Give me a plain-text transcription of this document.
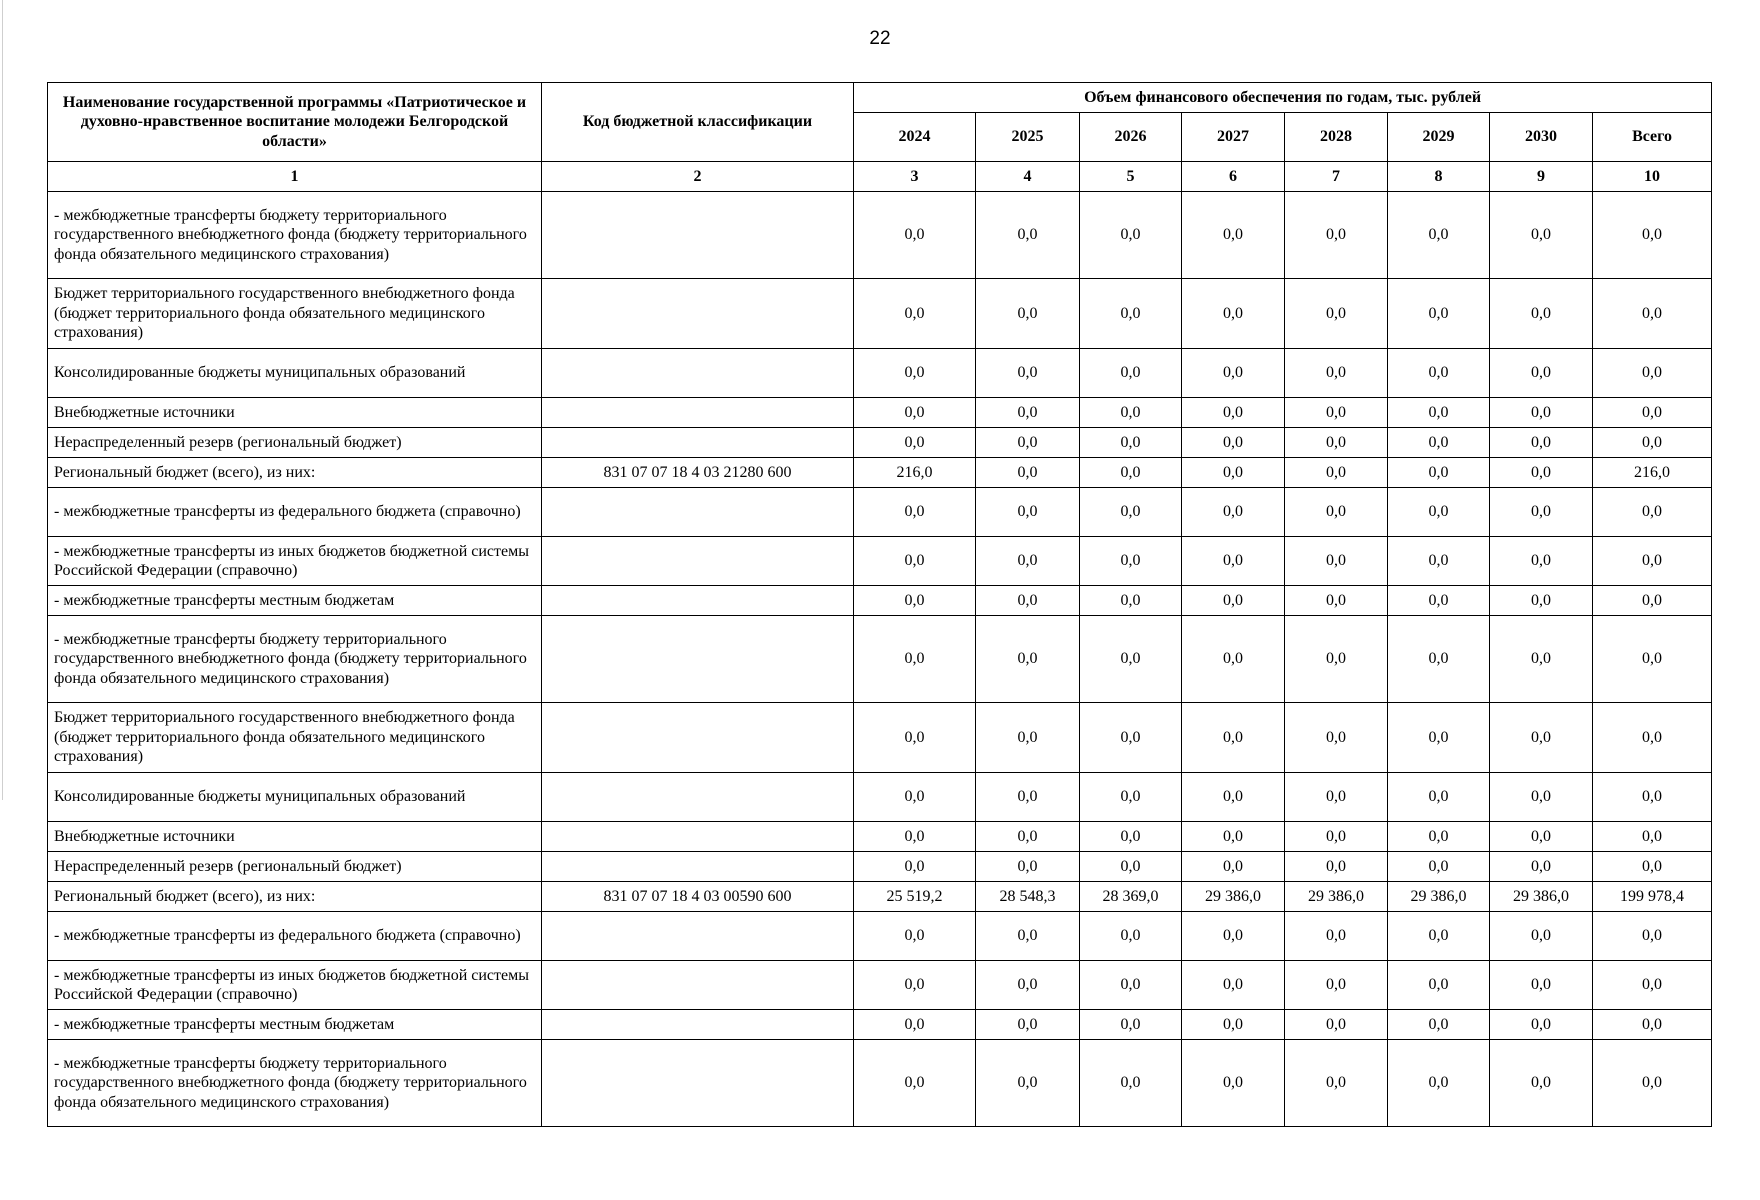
22
Наименование государственной программы «Патриотическое и духовно-нравственное воспитание молодежи Белгородской области»	Код бюджетной классификации	Объем финансового обеспечения по годам, тыс. рублей							
		2024	2025	2026	2027	2028	2029	2030	Всего
1	2	3	4	5	6	7	8	9	10
- межбюджетные трансферты бюджету территориального государственного внебюджетного фонда (бюджету территориального фонда обязательного медицинского страхования)		0,0	0,0	0,0	0,0	0,0	0,0	0,0	0,0
Бюджет территориального государственного внебюджетного фонда (бюджет территориального фонда обязательного медицинского страхования)		0,0	0,0	0,0	0,0	0,0	0,0	0,0	0,0
Консолидированные бюджеты муниципальных образований		0,0	0,0	0,0	0,0	0,0	0,0	0,0	0,0
Внебюджетные источники		0,0	0,0	0,0	0,0	0,0	0,0	0,0	0,0
Нераспределенный резерв (региональный бюджет)		0,0	0,0	0,0	0,0	0,0	0,0	0,0	0,0
Региональный бюджет (всего), из них:	831 07 07 18 4 03 21280 600	216,0	0,0	0,0	0,0	0,0	0,0	0,0	216,0
- межбюджетные трансферты из федерального бюджета (справочно)		0,0	0,0	0,0	0,0	0,0	0,0	0,0	0,0
- межбюджетные трансферты из иных бюджетов бюджетной системы Российской Федерации (справочно)		0,0	0,0	0,0	0,0	0,0	0,0	0,0	0,0
- межбюджетные трансферты местным бюджетам		0,0	0,0	0,0	0,0	0,0	0,0	0,0	0,0
- межбюджетные трансферты бюджету территориального государственного внебюджетного фонда (бюджету территориального фонда обязательного медицинского страхования)		0,0	0,0	0,0	0,0	0,0	0,0	0,0	0,0
Бюджет территориального государственного внебюджетного фонда (бюджет территориального фонда обязательного медицинского страхования)		0,0	0,0	0,0	0,0	0,0	0,0	0,0	0,0
Консолидированные бюджеты муниципальных образований		0,0	0,0	0,0	0,0	0,0	0,0	0,0	0,0
Внебюджетные источники		0,0	0,0	0,0	0,0	0,0	0,0	0,0	0,0
Нераспределенный резерв (региональный бюджет)		0,0	0,0	0,0	0,0	0,0	0,0	0,0	0,0
Региональный бюджет (всего), из них:	831 07 07 18 4 03 00590 600	25 519,2	28 548,3	28 369,0	29 386,0	29 386,0	29 386,0	29 386,0	199 978,4
- межбюджетные трансферты из федерального бюджета (справочно)		0,0	0,0	0,0	0,0	0,0	0,0	0,0	0,0
- межбюджетные трансферты из иных бюджетов бюджетной системы Российской Федерации (справочно)		0,0	0,0	0,0	0,0	0,0	0,0	0,0	0,0
- межбюджетные трансферты местным бюджетам		0,0	0,0	0,0	0,0	0,0	0,0	0,0	0,0
- межбюджетные трансферты бюджету территориального государственного внебюджетного фонда (бюджету территориального фонда обязательного медицинского страхования)		0,0	0,0	0,0	0,0	0,0	0,0	0,0	0,0
